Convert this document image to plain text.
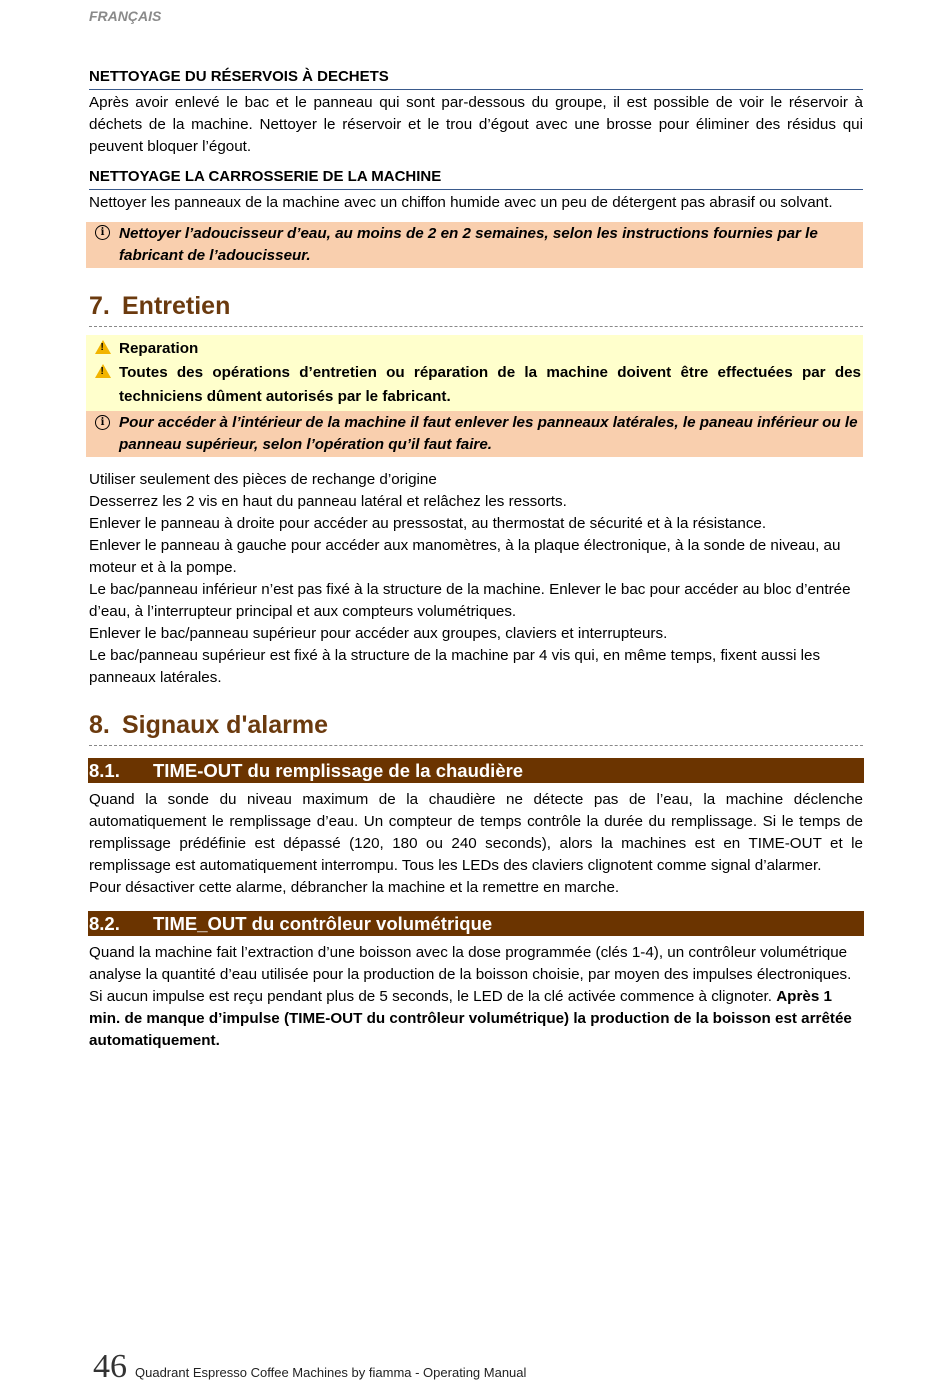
FRANÇAIS
NETTOYAGE DU RÉSERVOIS À DECHETS

Après avoir enlevé le bac et le panneau qui sont par-dessous du groupe, il est possible de voir le réservoir à déchets de la machine. Nettoyer le réservoir et le trou d’égout avec une brosse pour éliminer des résidus qui peuvent bloquer l’égout.

NETTOYAGE LA CARROSSERIE DE LA MACHINE

Nettoyer les panneaux de la machine avec un chiffon humide avec un peu de détergent pas abrasif ou solvant.

i Nettoyer l’adoucisseur d’eau, au moins de 2 en 2 semaines, selon les instructions fournies par le fabricant de l’adoucisseur.
7. Entretien
!
Reparation
!
Toutes des opérations d’entretien ou réparation de la machine doivent être effectuées par des techniciens dûment autorisés par le fabricant.
i Pour accéder à l’intérieur de la machine il faut enlever les panneaux latérales, le paneau inférieur ou le panneau supérieur, selon l’opération qu’il faut faire.

Utiliser seulement des pièces de rechange d’origine

Desserrez les 2 vis en haut du panneau latéral et relâchez les ressorts.

Enlever le panneau à droite pour accéder au pressostat, au thermostat de sécurité et à la résistance.

Enlever le panneau à gauche pour accéder aux manomètres, à la plaque électronique, à la sonde de niveau, au moteur et à la pompe.

Le bac/panneau inférieur n’est pas fixé à la structure de la machine. Enlever le bac pour accéder au bloc d’entrée d’eau, à l’interrupteur principal et aux compteurs volumétriques.

Enlever le bac/panneau supérieur pour accéder aux groupes, claviers et interrupteurs.

Le bac/panneau supérieur est fixé à la structure de la machine par 4 vis qui, en même temps, fixent aussi les panneaux latérales.

8. Signaux d'alarme
8.1.	TIME-OUT du remplissage de la chaudière

Quand la sonde du niveau maximum de la chaudière ne détecte pas de l’eau, la machine déclenche automatiquement le remplissage d’eau. Un compteur de temps contrôle la durée du remplissage. Si le temps de remplissage prédéfinie est dépassé (120, 180 ou 240 seconds), alors la machines est en TIME-OUT et le remplissage est automatiquement interrompu. Tous les LEDs des claviers clignotent comme signal d’alarmer.

Pour désactiver cette alarme, débrancher la machine et la remettre en marche.

8.2.	TIME_OUT du contrôleur volumétrique

Quand la machine fait l’extraction d’une boisson avec la dose programmée (clés 1-4), un contrôleur volumétrique analyse la quantité d’eau utilisée pour la production de la boisson choisie, par moyen des impulses électroniques. Si aucun impulse est reçu pendant plus de 5 seconds, le LED de la clé activée commence à clignoter. Après 1 min. de manque d’impulse (TIME-OUT du contrôleur volumétrique) la production de la boisson est arrêtée automatiquement.

46 Quadrant Espresso Coffee Machines by fiamma - Operating Manual
